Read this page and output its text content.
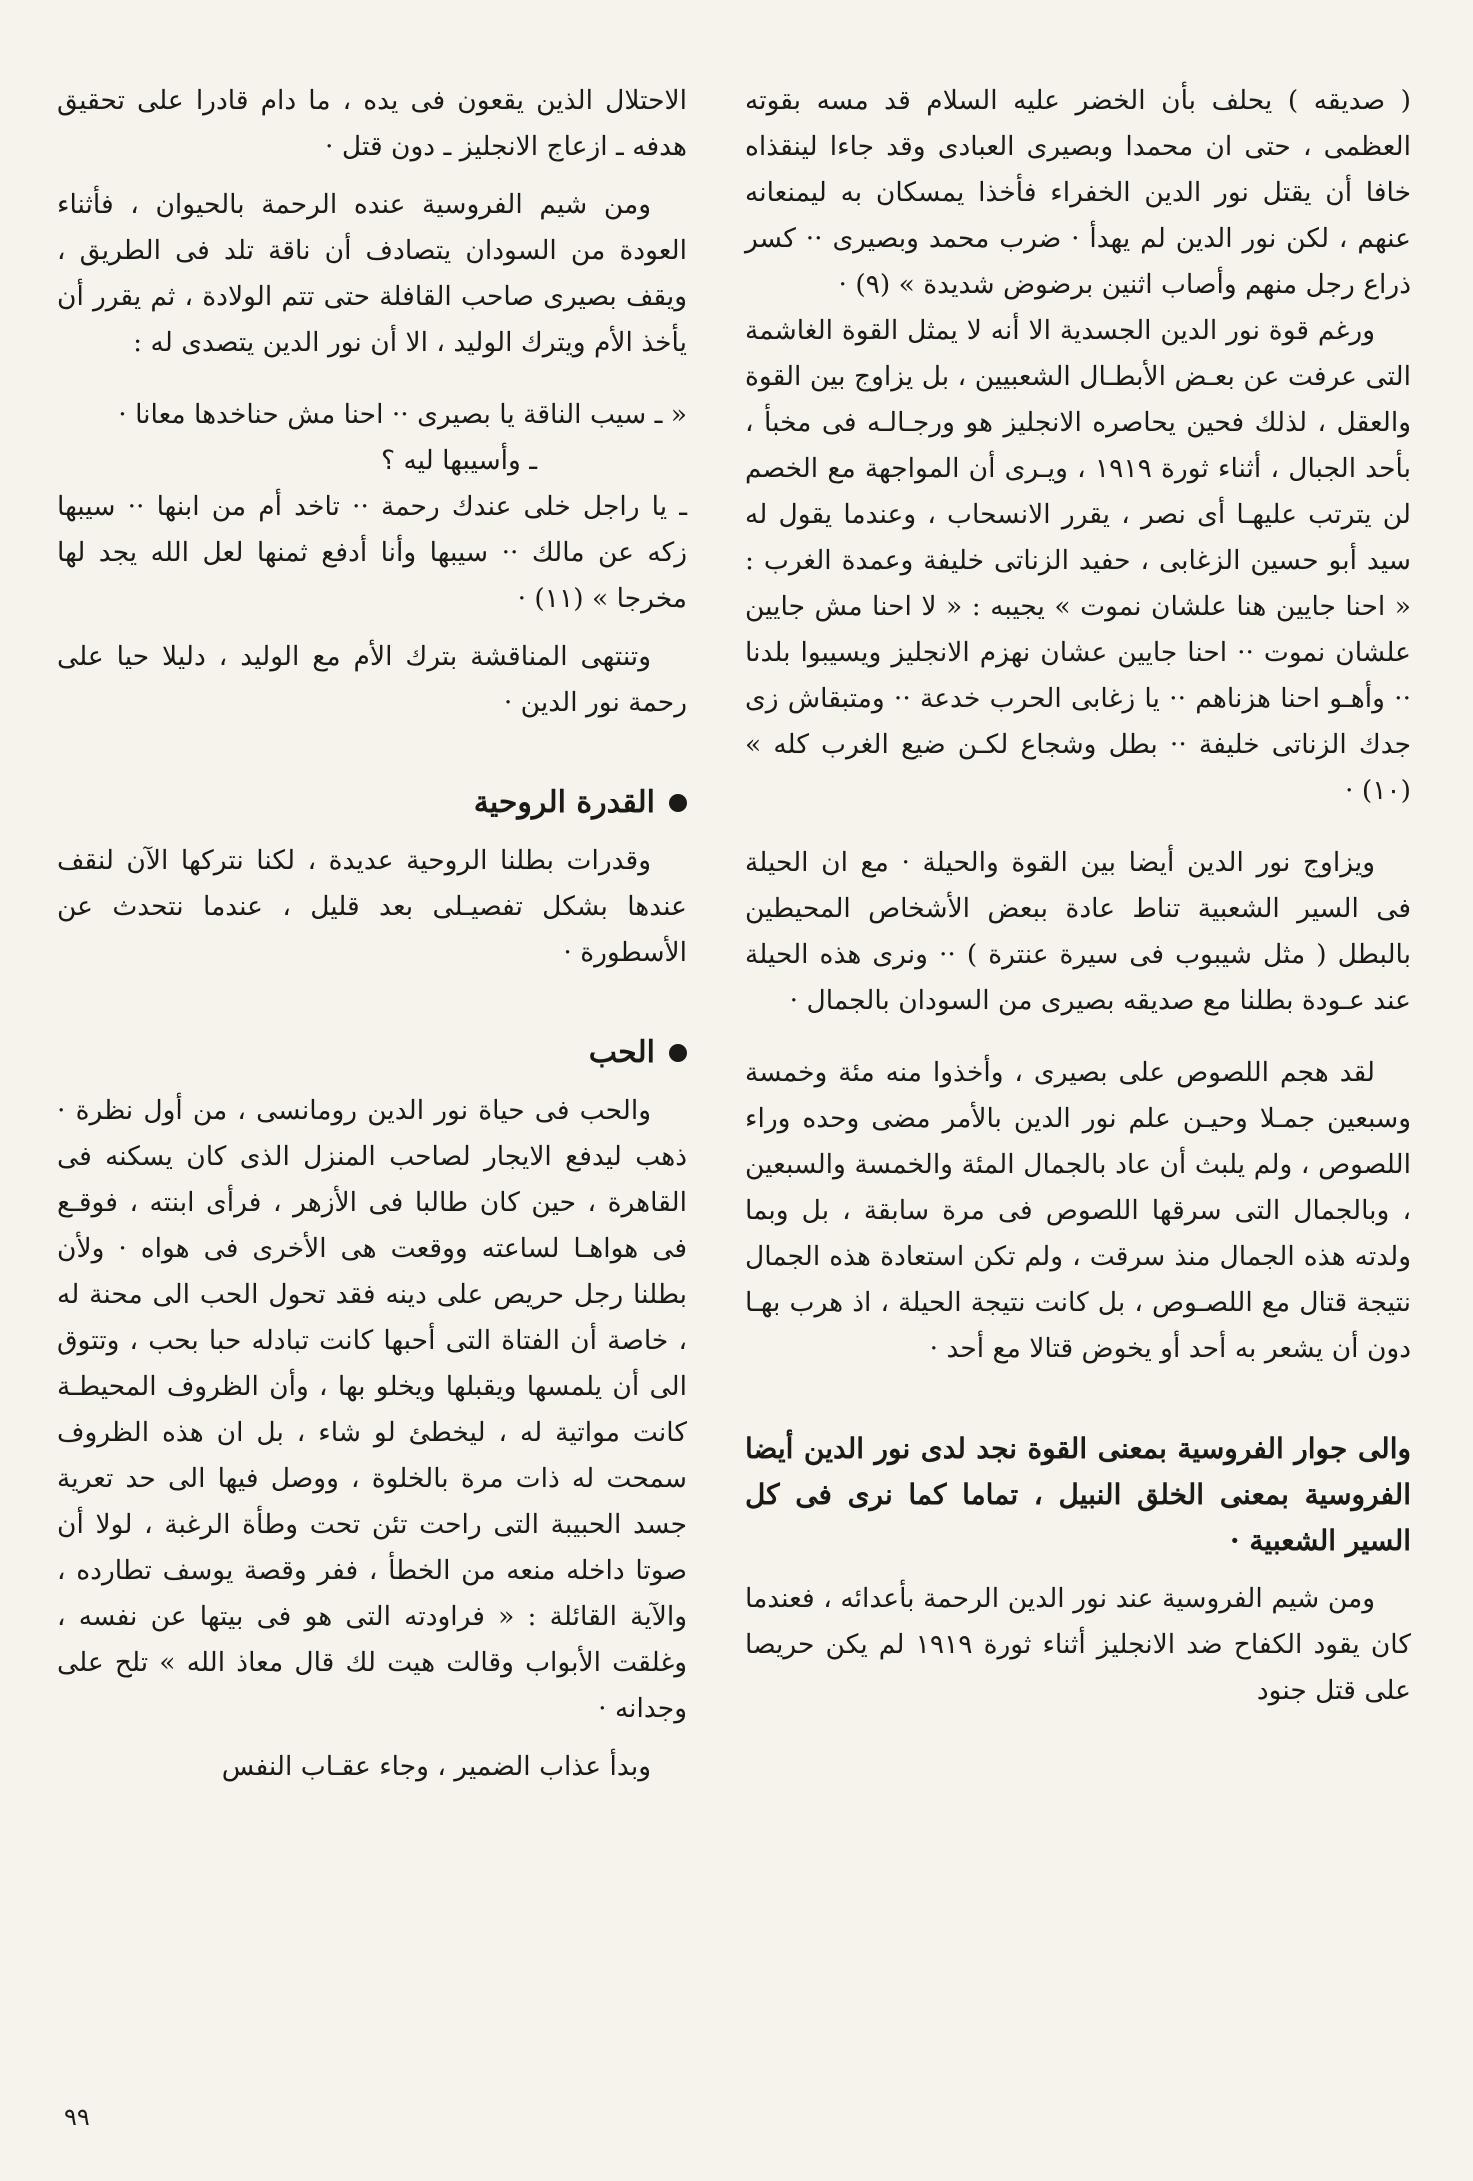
( صديقه ) يحلف بأن الخضر عليه السلام قد مسه بقوته العظمى ، حتى ان محمدا وبصيرى العبادى وقد جاءا لينقذاه خافا أن يقتل نور الدين الخفراء فأخذا يمسكان به ليمنعانه عنهم ، لكن نور الدين لم يهدأ · ضرب محمد وبصيرى ·· كسر ذراع رجل منهم وأصاب اثنين برضوض شديدة » (٩) ·

ورغم قوة نور الدين الجسدية الا أنه لا يمثل القوة الغاشمة التى عرفت عن بعـض الأبطـال الشعبيين ، بل يزاوج بين القوة والعقل ، لذلك فحين يحاصره الانجليز هو ورجـالـه فى مخبأ ، بأحد الجبال ، أثناء ثورة ١٩١٩ ، ويـرى أن المواجهة مع الخصم لن يترتب عليهـا أى نصر ، يقرر الانسحاب ، وعندما يقول له سيد أبو حسين الزغابى ، حفيد الزناتى خليفة وعمدة الغرب : « احنا جايين هنا علشان نموت » يجيبه : « لا احنا مش جايين علشان نموت ·· احنا جايين عشان نهزم الانجليز ويسيبوا بلدنا ·· وأهـو احنا هزناهم ·· يا زغابى الحرب خدعة ·· ومتبقاش زى جدك الزناتى خليفة ·· بطل وشجاع لكـن ضيع الغرب كله » (١٠) ·

ويزاوج نور الدين أيضا بين القوة والحيلة · مع ان الحيلة فى السير الشعبية تناط عادة ببعض الأشخاص المحيطين بالبطل ( مثل شيبوب فى سيرة عنترة ) ·· ونرى هذه الحيلة عند عـودة بطلنا مع صديقه بصيرى من السودان بالجمال ·

لقد هجم اللصوص على بصيرى ، وأخذوا منه مئة وخمسة وسبعين جمـلا وحيـن علم نور الدين بالأمر مضى وحده وراء اللصوص ، ولم يلبث أن عاد بالجمال المئة والخمسة والسبعين ، وبالجمال التى سرقها اللصوص فى مرة سابقة ، بل وبما ولدته هذه الجمال منذ سرقت ، ولم تكن استعادة هذه الجمال نتيجة قتال مع اللصـوص ، بل كانت نتيجة الحيلة ، اذ هرب بهـا دون أن يشعر به أحد أو يخوض قتالا مع أحد ·

والى جوار الفروسية بمعنى القوة نجد لدى نور الدين أيضا الفروسية بمعنى الخلق النبيل ، تماما كما نرى فى كل السير الشعبية ·

ومن شيم الفروسية عند نور الدين الرحمة بأعدائه ، فعندما كان يقود الكفاح ضد الانجليز أثناء ثورة ١٩١٩ لم يكن حريصا على قتل جنود

الاحتلال الذين يقعون فى يده ، ما دام قادرا على تحقيق هدفه ـ ازعاج الانجليز ـ دون قتل ·

ومن شيم الفروسية عنده الرحمة بالحيوان ، فأثناء العودة من السودان يتصادف أن ناقة تلد فى الطريق ، ويقف بصيرى صاحب القافلة حتى تتم الولادة ، ثم يقرر أن يأخذ الأم ويترك الوليد ، الا أن نور الدين يتصدى له :

« ـ سيب الناقة يا بصيرى ·· احنا مش حناخدها معانا ·

ـ وأسيبها ليه ؟

ـ يا راجل خلى عندك رحمة ·· تاخد أم من ابنها ·· سيبها زكه عن مالك ·· سيبها وأنا أدفع ثمنها لعل الله يجد لها مخرجا » (١١) ·

وتنتهى المناقشة بترك الأم مع الوليد ، دليلا حيا على رحمة نور الدين ·

القدرة الروحية

وقدرات بطلنا الروحية عديدة ، لكنا نتركها الآن لنقف عندها بشكل تفصيـلى بعد قليل ، عندما نتحدث عن الأسطورة ·

الحب

والحب فى حياة نور الدين رومانسى ، من أول نظرة · ذهب ليدفع الايجار لصاحب المنزل الذى كان يسكنه فى القاهرة ، حين كان طالبا فى الأزهر ، فرأى ابنته ، فوقـع فى هواهـا لساعته ووقعت هى الأخرى فى هواه · ولأن بطلنا رجل حريص على دينه فقد تحول الحب الى محنة له ، خاصة أن الفتاة التى أحبها كانت تبادله حبا بحب ، وتتوق الى أن يلمسها ويقبلها ويخلو بها ، وأن الظروف المحيطـة كانت مواتية له ، ليخطئ لو شاء ، بل ان هذه الظروف سمحت له ذات مرة بالخلوة ، ووصل فيها الى حد تعرية جسد الحبيبة التى راحت تئن تحت وطأة الرغبة ، لولا أن صوتا داخله منعه من الخطأ ، ففر وقصة يوسف تطارده ، والآية القائلة : « فراودته التى هو فى بيتها عن نفسه ، وغلقت الأبواب وقالت هيت لك قال معاذ الله » تلح على وجدانه ·

وبدأ عذاب الضمير ، وجاء عقـاب النفس

٩٩
